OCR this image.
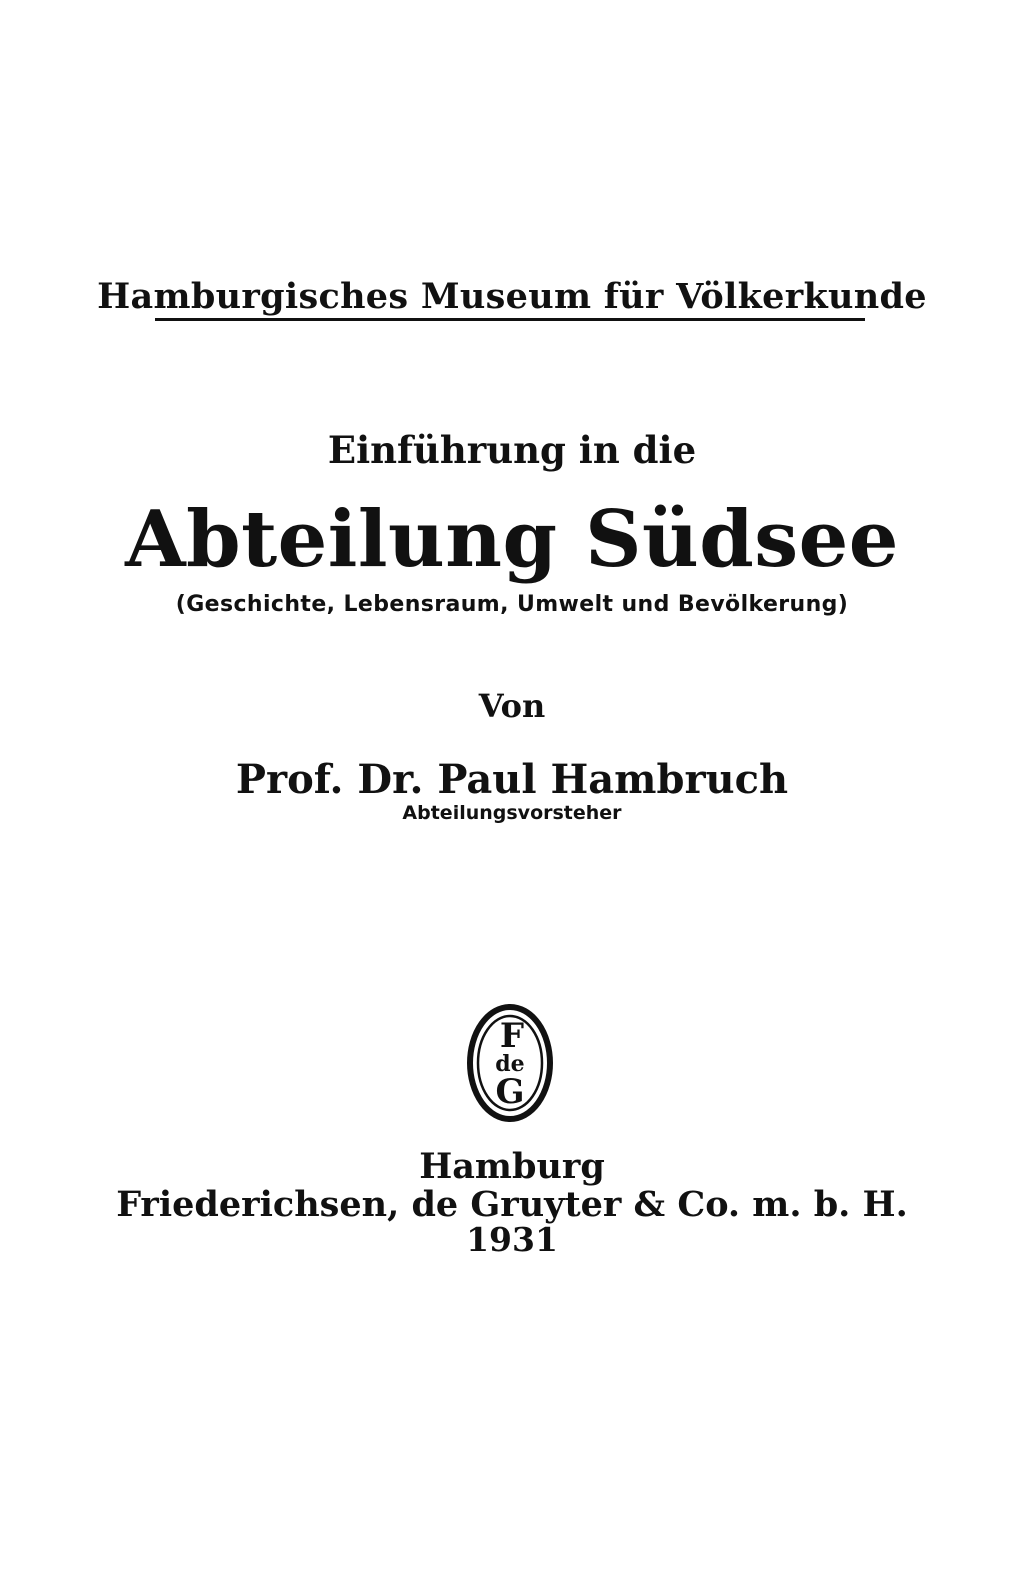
Hamburgisches Museum für Völkerkunde
Einführung in die
Abteilung Südsee
(Geschichte, Lebensraum, Umwelt und Bevölkerung)
Von
Prof. Dr. Paul Hambruch
Abteilungsvorsteher
F
de
G
Hamburg
Friederichsen, de Gruyter & Co. m. b. H.
1931
